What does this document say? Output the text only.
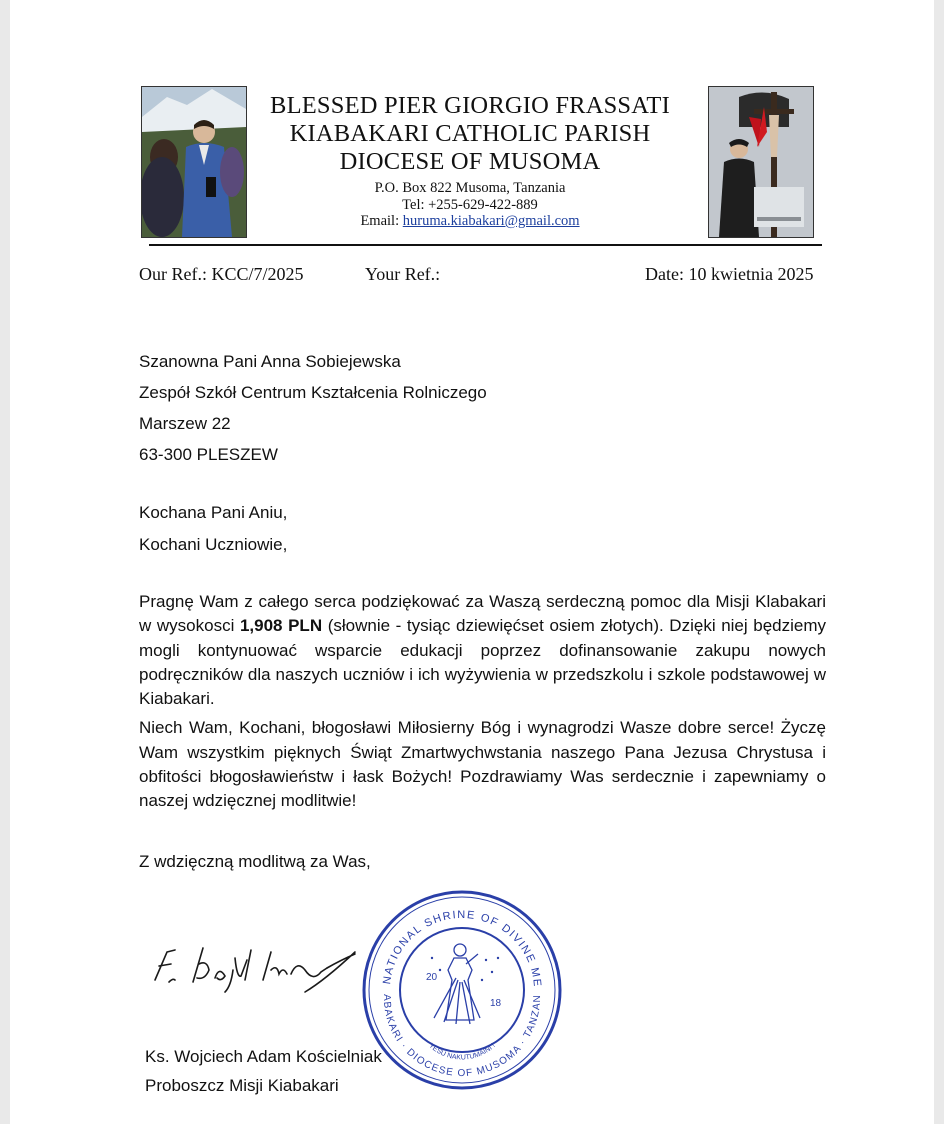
BLESSED PIER GIORGIO FRASSATI
KIABAKARI CATHOLIC PARISH
DIOCESE OF MUSOMA
P.O. Box 822 Musoma, Tanzania
Tel: +255-629-422-889
Email: huruma.kiabakari@gmail.com
Our Ref.: KCC/7/2025	Your Ref.:	Date: 10 kwietnia 2025
Szanowna Pani Anna Sobiejewska
Zespół Szkół Centrum Kształcenia Rolniczego
Marszew 22
63-300 PLESZEW
Kochana Pani Aniu,
Kochani Uczniowie,

Pragnę Wam z całego serca podziękować za Waszą serdeczną pomoc dla Misji Klabakari w wysokosci 1,908 PLN (słownie - tysiąc dziewięćset osiem złotych). Dzięki niej będziemy mogli kontynuować wsparcie edukacji poprzez dofinansowanie zakupu nowych podręczników dla naszych uczniów i ich wyżywienia w przedszkolu i szkole podstawowej w Kiabakari.

Niech Wam, Kochani, błogosławi Miłosierny Bóg i wynagrodzi Wasze dobre serce! Życzę Wam wszystkim pięknych Świąt Zmartwychwstania naszego Pana Jezusa Chrystusa i obfitości błogosławieństw i łask Bożych! Pozdrawiamy Was serdecznie i zapewniamy o naszej wdzięcznej modlitwie!

Z wdzięczną modlitwą za Was,
NATIONAL SHRINE OF DIVINE ME
ABAKARI · DIOCESE OF MUSOMA · TANZAN
YESU NAKUTUMAINI !
20
18
Ks. Wojciech Adam Kościelniak
Proboszcz Misji Kiabakari
